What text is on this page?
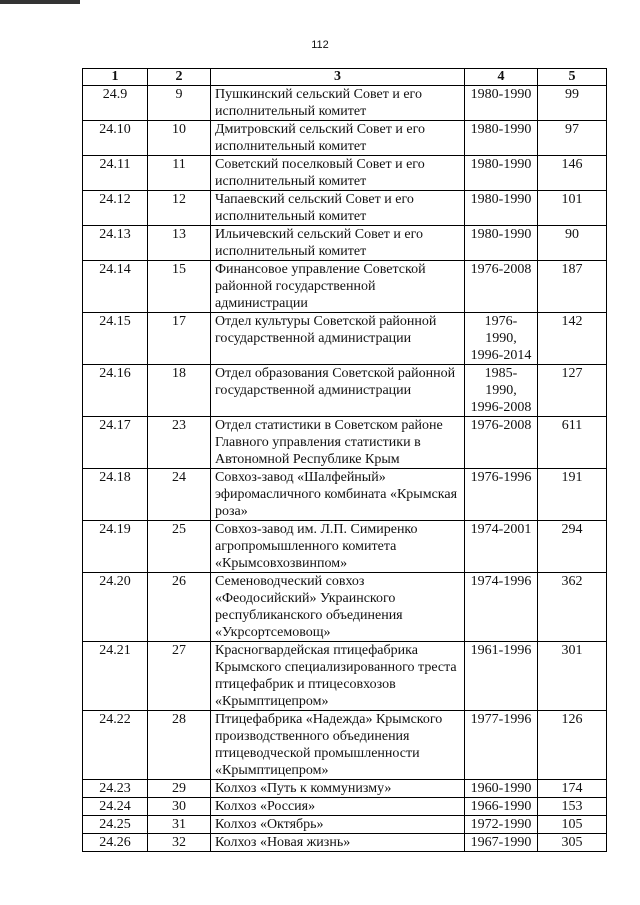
112
1	2	3	4	5
24.9	9	Пушкинский сельский Совет и его исполнительный комитет	1980-1990	99
24.10	10	Дмитровский сельский Совет и его исполнительный комитет	1980-1990	97
24.11	11	Советский поселковый Совет и его исполнительный комитет	1980-1990	146
24.12	12	Чапаевский сельский Совет и его исполнительный комитет	1980-1990	101
24.13	13	Ильичевский сельский Совет и его исполнительный комитет	1980-1990	90
24.14	15	Финансовое управление Советской районной государственной администрации	1976-2008	187
24.15	17	Отдел культуры Советской районной государственной администрации	1976-1990, 1996-2014	142
24.16	18	Отдел образования Советской районной государственной администрации	1985-1990, 1996-2008	127
24.17	23	Отдел статистики в Советском районе Главного управления статистики в Автономной Республике Крым	1976-2008	611
24.18	24	Совхоз-завод «Шалфейный» эфиромасличного комбината «Крымская роза»	1976-1996	191
24.19	25	Совхоз-завод им. Л.П. Симиренко агропромышленного комитета «Крымсовхозвинпом»	1974-2001	294
24.20	26	Семеноводческий совхоз «Феодосийский» Украинского республиканского объединения «Укрсортсемовощ»	1974-1996	362
24.21	27	Красногвардейская птицефабрика Крымского специализированного треста птицефабрик и птицесовхозов «Крымптицепром»	1961-1996	301
24.22	28	Птицефабрика «Надежда» Крымского производственного объединения птицеводческой промышленности «Крымптицепром»	1977-1996	126
24.23	29	Колхоз «Путь к коммунизму»	1960-1990	174
24.24	30	Колхоз «Россия»	1966-1990	153
24.25	31	Колхоз «Октябрь»	1972-1990	105
24.26	32	Колхоз «Новая жизнь»	1967-1990	305
